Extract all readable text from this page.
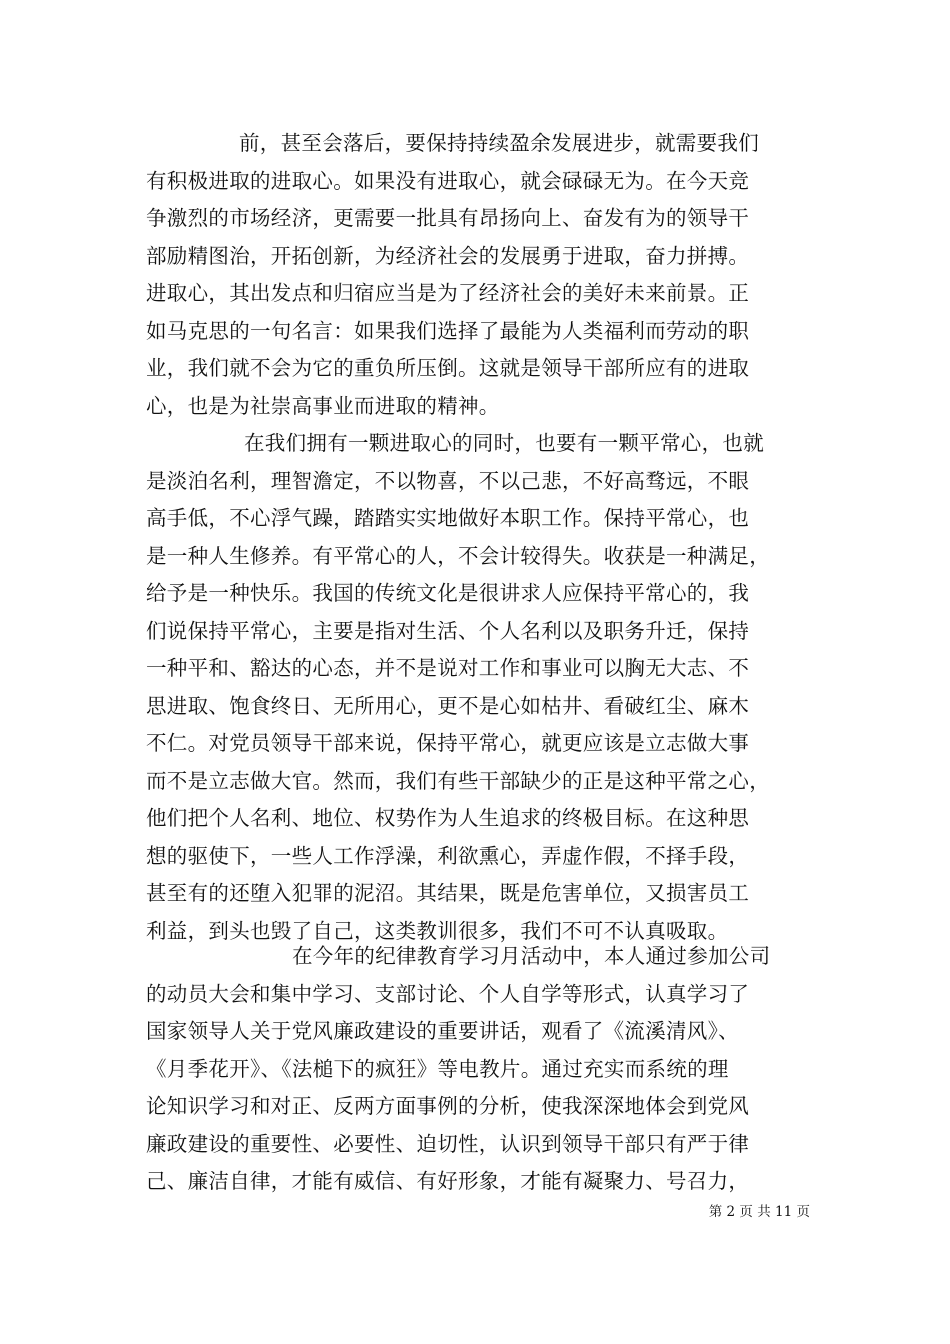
前，甚至会落后，要保持持续盈余发展进步，就需要我们
有积极进取的进取心。如果没有进取心，就会碌碌无为。在今天竞
争激烈的市场经济，更需要一批具有昂扬向上、奋发有为的领导干
部励精图治，开拓创新，为经济社会的发展勇于进取，奋力拼搏。
进取心，其出发点和归宿应当是为了经济社会的美好未来前景。正
如马克思的一句名言：如果我们选择了最能为人类福利而劳动的职
业，我们就不会为它的重负所压倒。这就是领导干部所应有的进取
心，也是为社崇高事业而进取的精神。
在我们拥有一颗进取心的同时，也要有一颗平常心，也就
是淡泊名利，理智澹定，不以物喜，不以己悲，不好高骛远，不眼
高手低，不心浮气躁，踏踏实实地做好本职工作。保持平常心，也
是一种人生修养。有平常心的人，不会计较得失。收获是一种满足，
给予是一种快乐。我国的传统文化是很讲求人应保持平常心的，我
们说保持平常心，主要是指对生活、个人名利以及职务升迁，保持
一种平和、豁达的心态，并不是说对工作和事业可以胸无大志、不
思进取、饱食终日、无所用心，更不是心如枯井、看破红尘、麻木
不仁。对党员领导干部来说，保持平常心，就更应该是立志做大事
而不是立志做大官。然而，我们有些干部缺少的正是这种平常之心，
他们把个人名利、地位、权势作为人生追求的终极目标。在这种思
想的驱使下，一些人工作浮澡，利欲熏心，弄虚作假，不择手段，
甚至有的还堕入犯罪的泥沼。其结果，既是危害单位，又损害员工
利益，到头也毁了自己，这类教训很多，我们不可不认真吸取。
在今年的纪律教育学习月活动中，本人通过参加公司
的动员大会和集中学习、支部讨论、个人自学等形式，认真学习了
国家领导人关于党风廉政建设的重要讲话，观看了《流溪清风》、
《月季花开》、《法槌下的疯狂》等电教片。通过充实而系统的理
论知识学习和对正、反两方面事例的分析，使我深深地体会到党风
廉政建设的重要性、必要性、迫切性，认识到领导干部只有严于律
己、廉洁自律，才能有威信、有好形象，才能有凝聚力、号召力，
第 2 页 共 11 页
